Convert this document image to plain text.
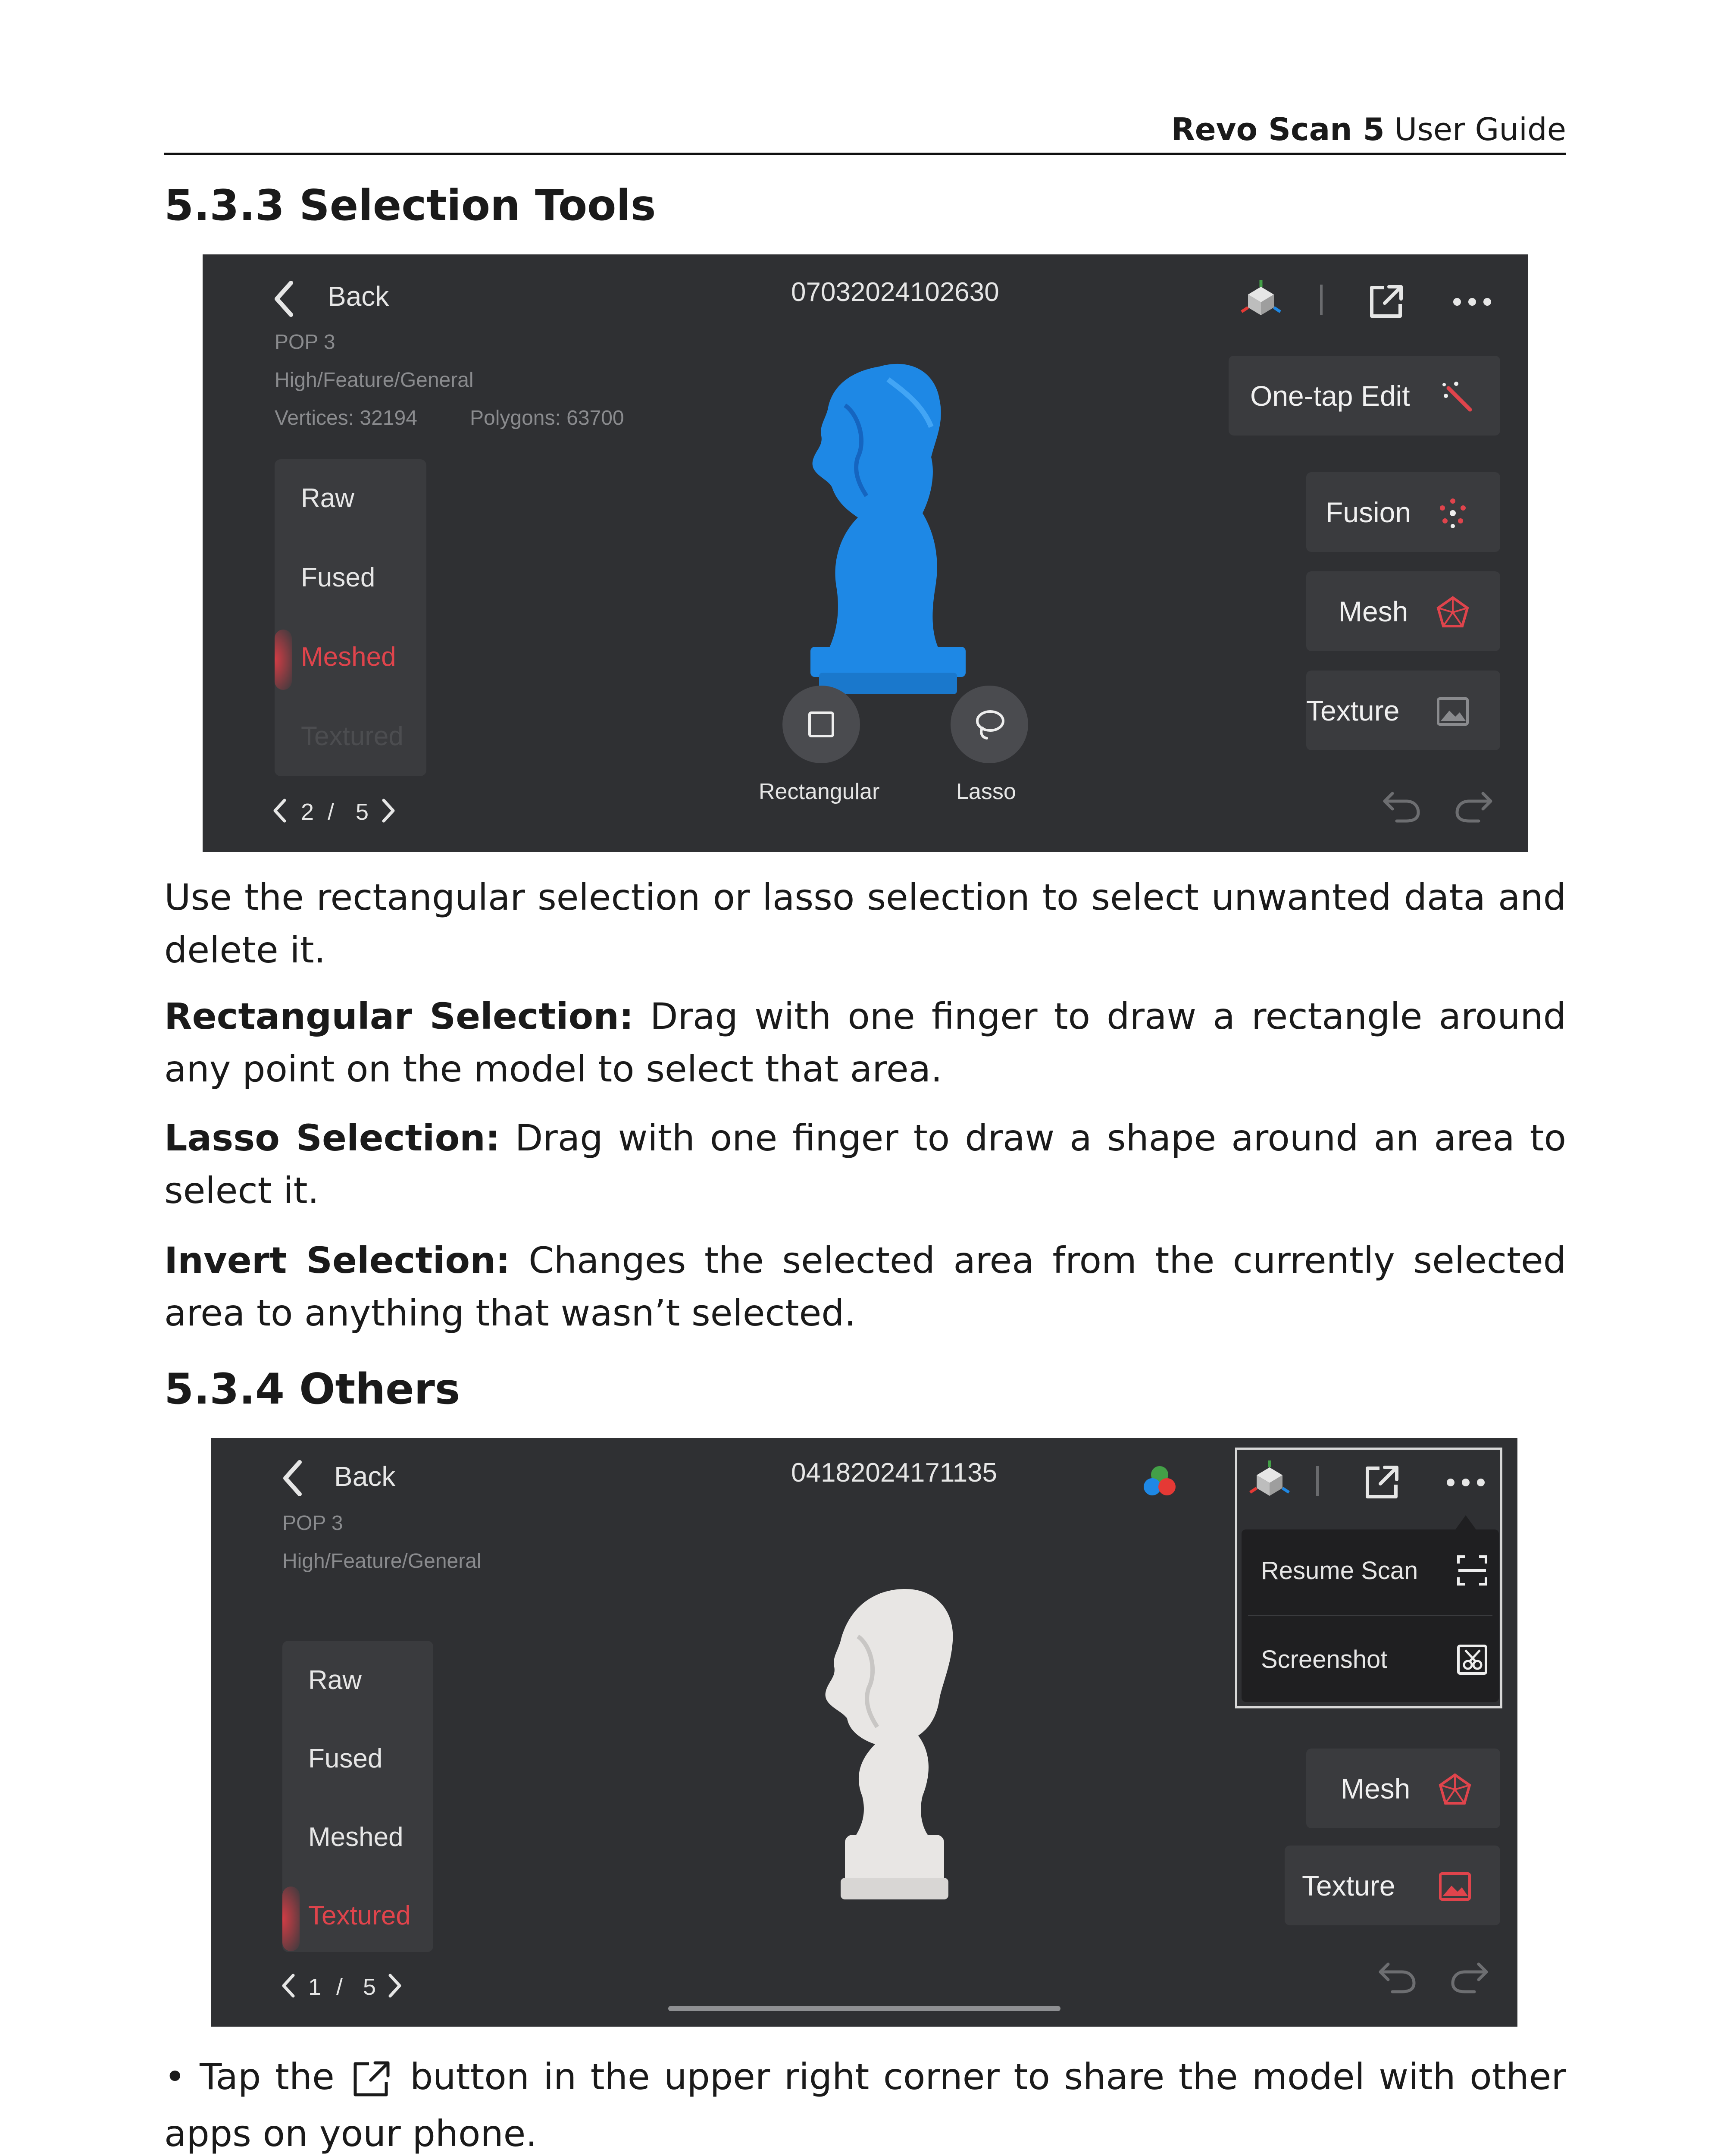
Revo Scan 5 User Guide
5.3.3 Selection Tools
Back	07032024102630
POP 3
High/Feature/General
Vertices: 32194	Polygons: 63700
Raw
Fused
Meshed
Textured
2 / 5
Rectangular	Lasso
One-tap Edit
Fusion
Mesh
Texture

Use the rectangular selection or lasso selection to select unwanted data and delete it.

Rectangular Selection: Drag with one finger to draw a rectangle around any point on the model to select that area.

Lasso Selection: Drag with one finger to draw a shape around an area to select it.

Invert Selection: Changes the selected area from the currently selected area to anything that wasn’t selected.

5.3.4 Others
Back	04182024171135
POP 3
High/Feature/General
Raw
Fused
Meshed
Textured
1 / 5
Resume Scan
Screenshot
Mesh
Texture

• Tap the button in the upper right corner to share the model with other apps on your phone.
